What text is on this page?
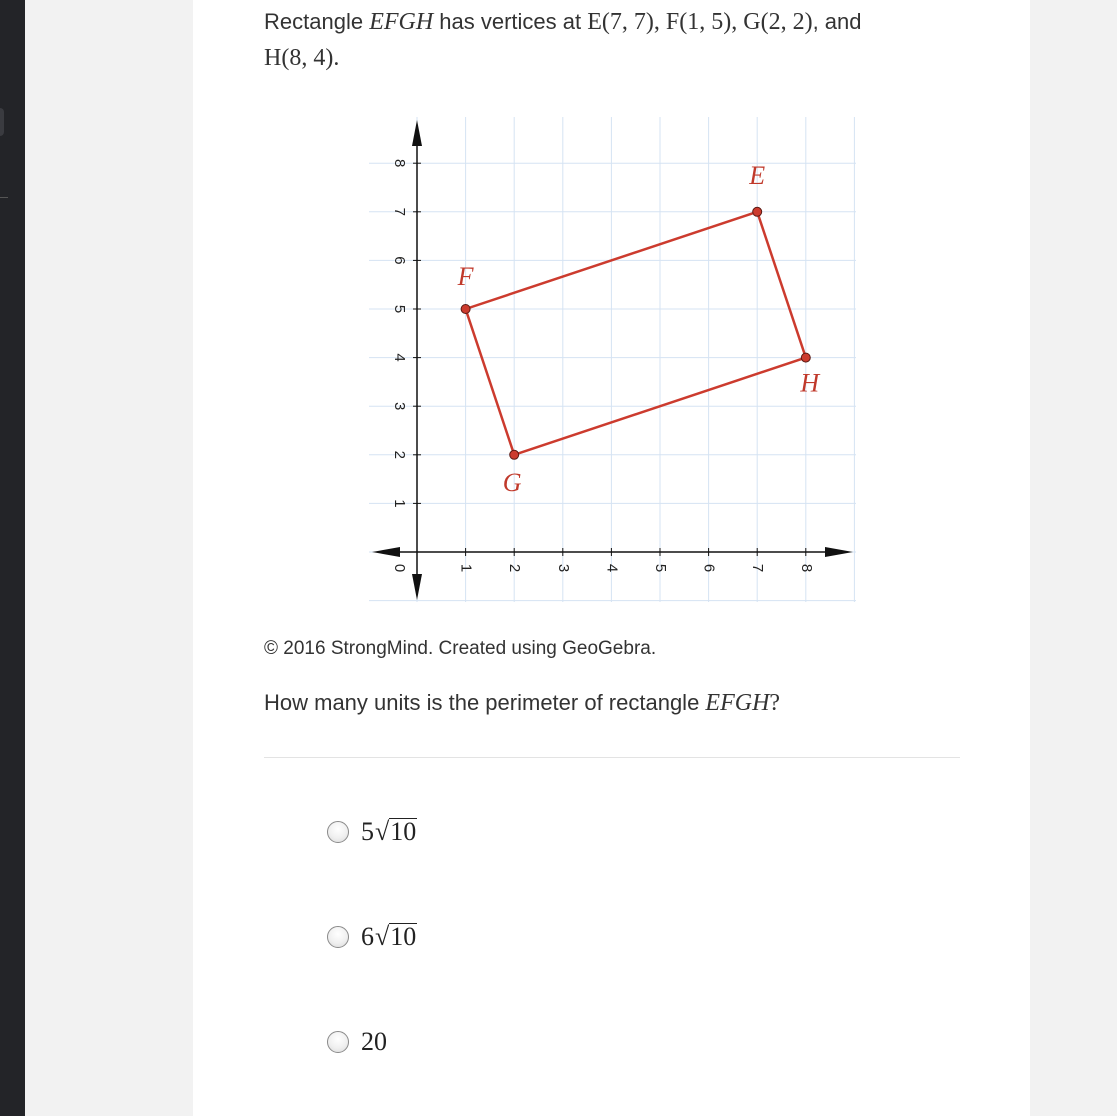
Rectangle EFGH has vertices at E(7, 7), F(1, 5), G(2, 2), and
H(8, 4).
0	1 2 3 4 5 6 7 8
1
2
3
4
5
6
7
8	E
F
G
H
© 2016 StrongMind. Created using GeoGebra.
How many units is the perimeter of rectangle EFGH?
5 √ 10
6 √ 10
20
